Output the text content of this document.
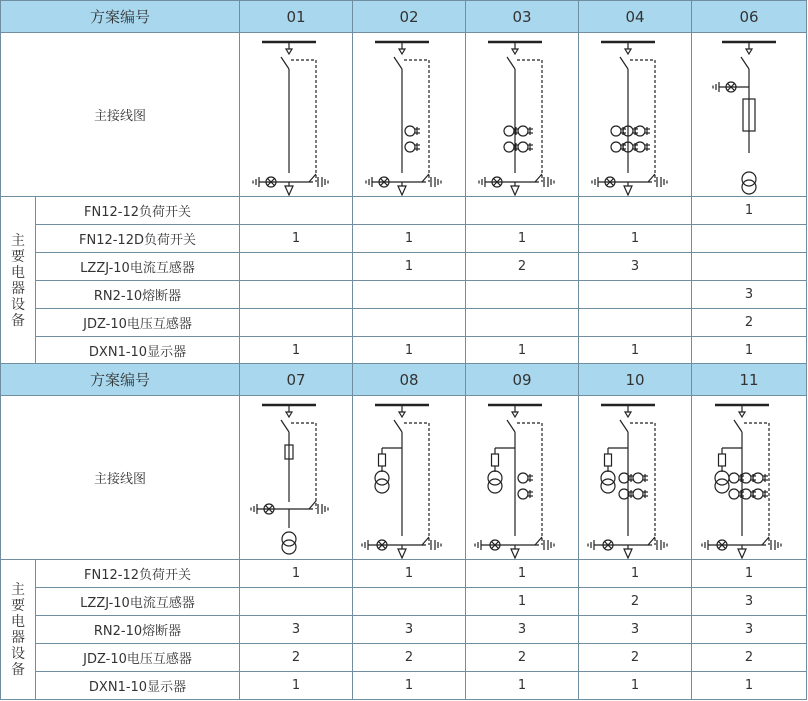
方案编号		01	02	03	04	06
主接线图	

主要电器设备	FN12-12负荷开关					1
	FN12-12D负荷开关	1	1	1	1	
	LZZJ-10电流互感器		1	2	3	
	RN2-10熔断器					3
	JDZ-10电压互感器					2
	DXN1-10显示器	1	1	1	1	1
方案编号		07	08	09	10	11
主接线图	

主要电器设备	FN12-12负荷开关	1	1	1	1	1
	LZZJ-10电流互感器			1	2	3
	RN2-10熔断器	3	3	3	3	3
	JDZ-10电压互感器	2	2	2	2	2
	DXN1-10显示器	1	1	1	1	1
